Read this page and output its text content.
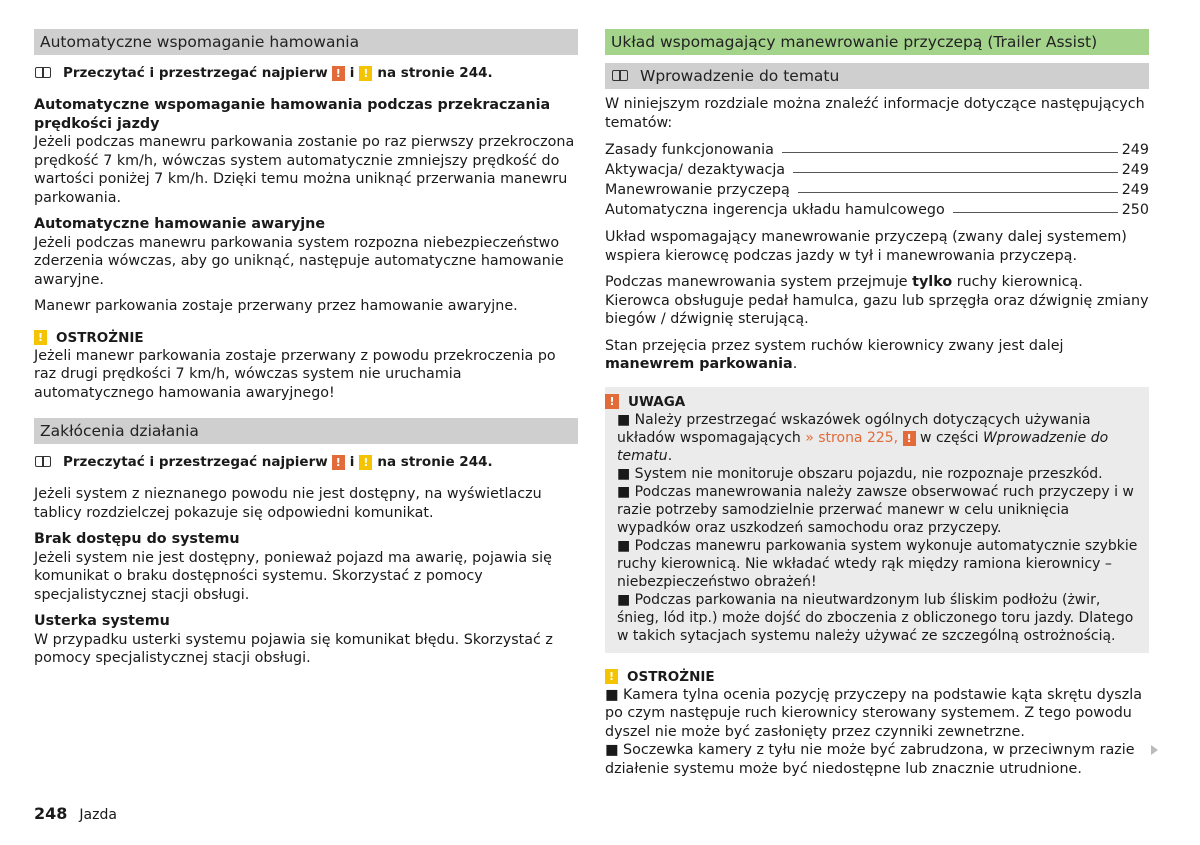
Automatyczne wspomaganie hamowania
Przeczytać i przestrzegać najpierw ! i ! na stronie 244.

Automatyczne wspomaganie hamowania podczas przekraczania prędkości jazdy

Jeżeli podczas manewru parkowania zostanie po raz pierwszy przekroczona prędkość 7 km/h, wówczas system automatycznie zmniejszy prędkość do wartości poniżej 7 km/h. Dzięki temu można uniknąć przerwania manewru parkowania.

Automatyczne hamowanie awaryjne

Jeżeli podczas manewru parkowania system rozpozna niebezpieczeństwo zderzenia wówczas, aby go uniknąć, następuje automatyczne hamowanie awaryjne.

Manewr parkowania zostaje przerwany przez hamowanie awaryjne.

! OSTROŻNIE

Jeżeli manewr parkowania zostaje przerwany z powodu przekroczenia po raz drugi prędkości 7 km/h, wówczas system nie uruchamia automatycznego hamowania awaryjnego!

Zakłócenia działania
Przeczytać i przestrzegać najpierw ! i ! na stronie 244.

Jeżeli system z nieznanego powodu nie jest dostępny, na wyświetlaczu tablicy rozdzielczej pokazuje się odpowiedni komunikat.

Brak dostępu do systemu

Jeżeli system nie jest dostępny, ponieważ pojazd ma awarię, pojawia się komunikat o braku dostępności systemu. Skorzystać z pomocy specjalistycznej stacji obsługi.

Usterka systemu

W przypadku usterki systemu pojawia się komunikat błędu. Skorzystać z pomocy specjalistycznej stacji obsługi.

Układ wspomagający manewrowanie przyczepą (Trailer Assist)
Wprowadzenie do tematu

W niniejszym rozdziale można znaleźć informacje dotyczące następujących tematów:

Zasady funkcjonowania	249
Aktywacja/ dezaktywacja	249
Manewrowanie przyczepą	249
Automatyczna ingerencja układu hamulcowego	250

Układ wspomagający manewrowanie przyczepą (zwany dalej systemem) wspiera kierowcę podczas jazdy w tył i manewrowania przyczepą.

Podczas manewrowania system przejmuje tylko ruchy kierownicą. Kierowca obsługuje pedał hamulca, gazu lub sprzęgła oraz dźwignię zmiany biegów / dźwignię sterującą.

Stan przejęcia przez system ruchów kierownicy zwany jest dalej manewrem parkowania.

! UWAGA

■ Należy przestrzegać wskazówek ogólnych dotyczących używania układów wspomagających » strona 225, ! w części Wprowadzenie do tematu.

■ System nie monitoruje obszaru pojazdu, nie rozpoznaje przeszkód.

■ Podczas manewrowania należy zawsze obserwować ruch przyczepy i w razie potrzeby samodzielnie przerwać manewr w celu uniknięcia wypadków oraz uszkodzeń samochodu oraz przyczepy.

■ Podczas manewru parkowania system wykonuje automatycznie szybkie ruchy kierownicą. Nie wkładać wtedy rąk między ramiona kierownicy – niebezpieczeństwo obrażeń!

■ Podczas parkowania na nieutwardzonym lub śliskim podłożu (żwir, śnieg, lód itp.) może dojść do zboczenia z obliczonego toru jazdy. Dlatego w takich sytacjach systemu należy używać ze szczególną ostrożnością.

! OSTROŻNIE

■ Kamera tylna ocenia pozycję przyczepy na podstawie kąta skrętu dyszla po czym następuje ruch kierownicy sterowany systemem. Z tego powodu dyszel nie może być zasłonięty przez czynniki zewnetrzne.

■ Soczewka kamery z tyłu nie może być zabrudzona, w przeciwnym razie działenie systemu może być niedostępne lub znacznie utrudnione.

248 Jazda
